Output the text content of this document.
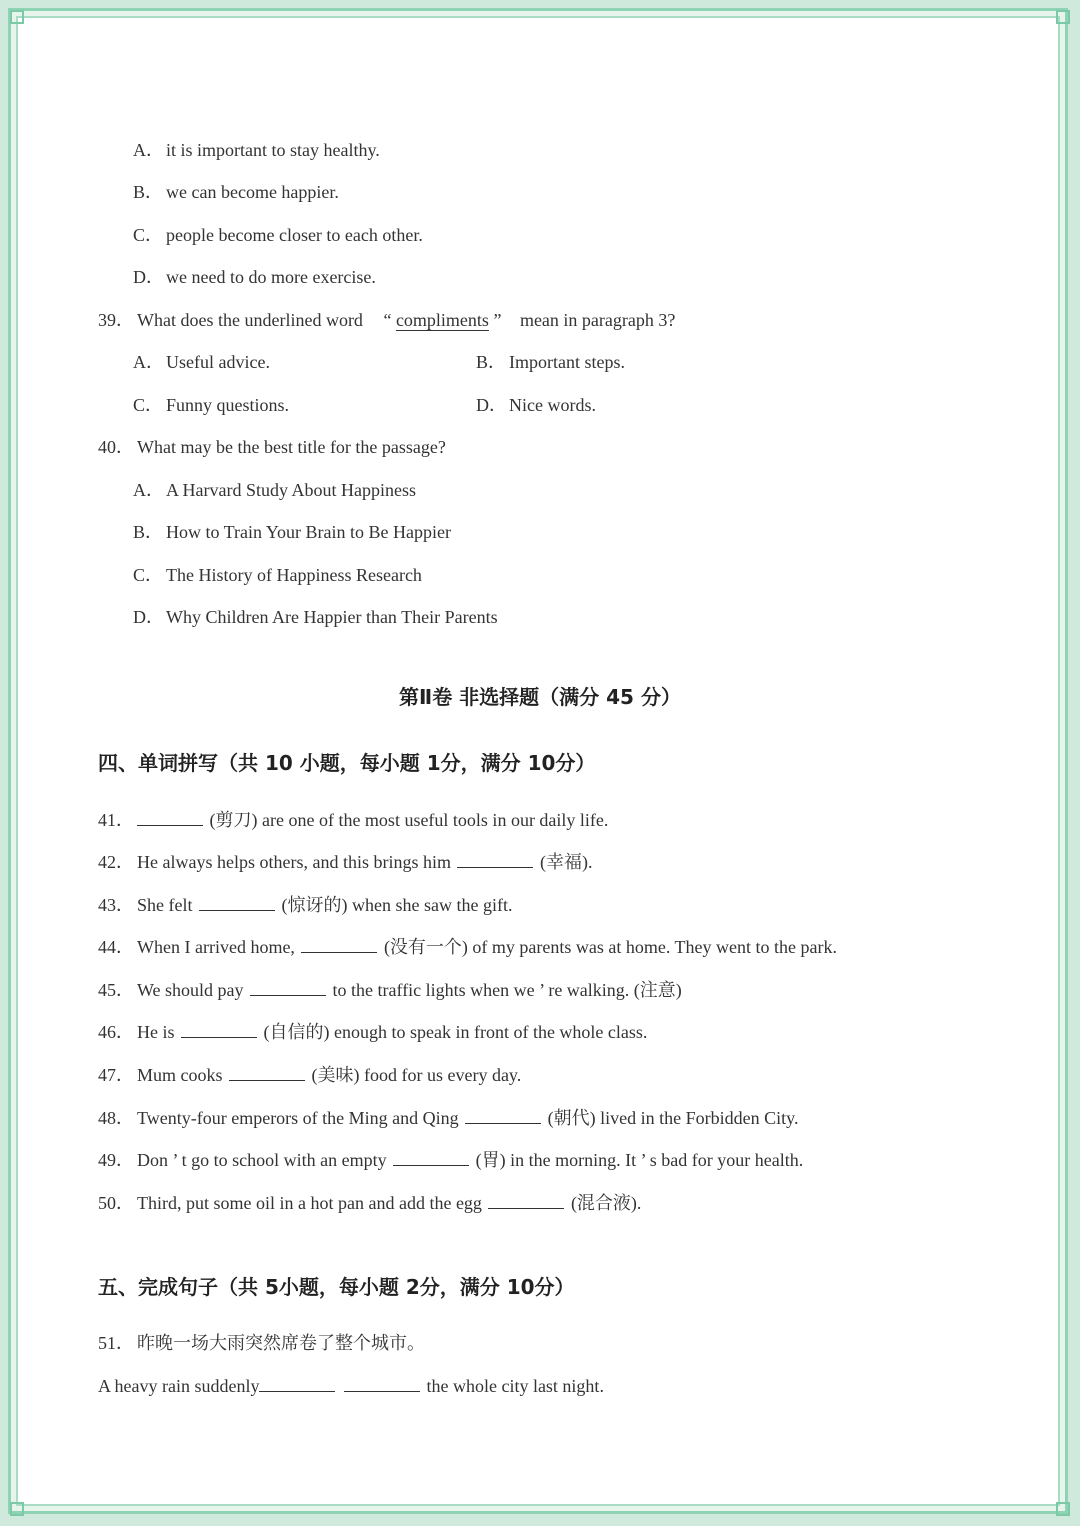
A． it is important to stay healthy.
B． we can become happier.
C． people become closer to each other.
D． we need to do more exercise.
39． What does the underlined word “ compliments ” mean in paragraph 3?
A． Useful advice.	B． Important steps.
C． Funny questions.	D． Nice words.
40． What may be the best title for the passage?
A． A Harvard Study About Happiness
B． How to Train Your Brain to Be Happier
C． The History of Happiness Research
D． Why Children Are Happier than Their Parents
第Ⅱ卷 非选择题（满分 45 分）
四、单词拼写（共 10 小题，每小题 1分，满分 10分）
41．	(剪刀) are one of the most useful tools in our daily life.
42． He always helps others, and this brings him	(幸福).
43． She felt	(惊讶的) when she saw the gift.
44． When I arrived home,	(没有一个) of my parents was at home. They went to the park.
45． We should pay	to the traffic lights when we ’ re walking. (注意)
46． He is	(自信的) enough to speak in front of the whole class.
47． Mum cooks	(美味) food for us every day.
48． Twenty-four emperors of the Ming and Qing	(朝代) lived in the Forbidden City.
49． Don ’ t go to school with an empty	(胃) in the morning. It ’ s bad for your health.
50． Third, put some oil in a hot pan and add the egg	(混合液).
五、完成句子（共 5小题，每小题 2分，满分 10分）
51． 昨晚一场大雨突然席卷了整个城市。
A heavy rain suddenly	the whole city last night.
